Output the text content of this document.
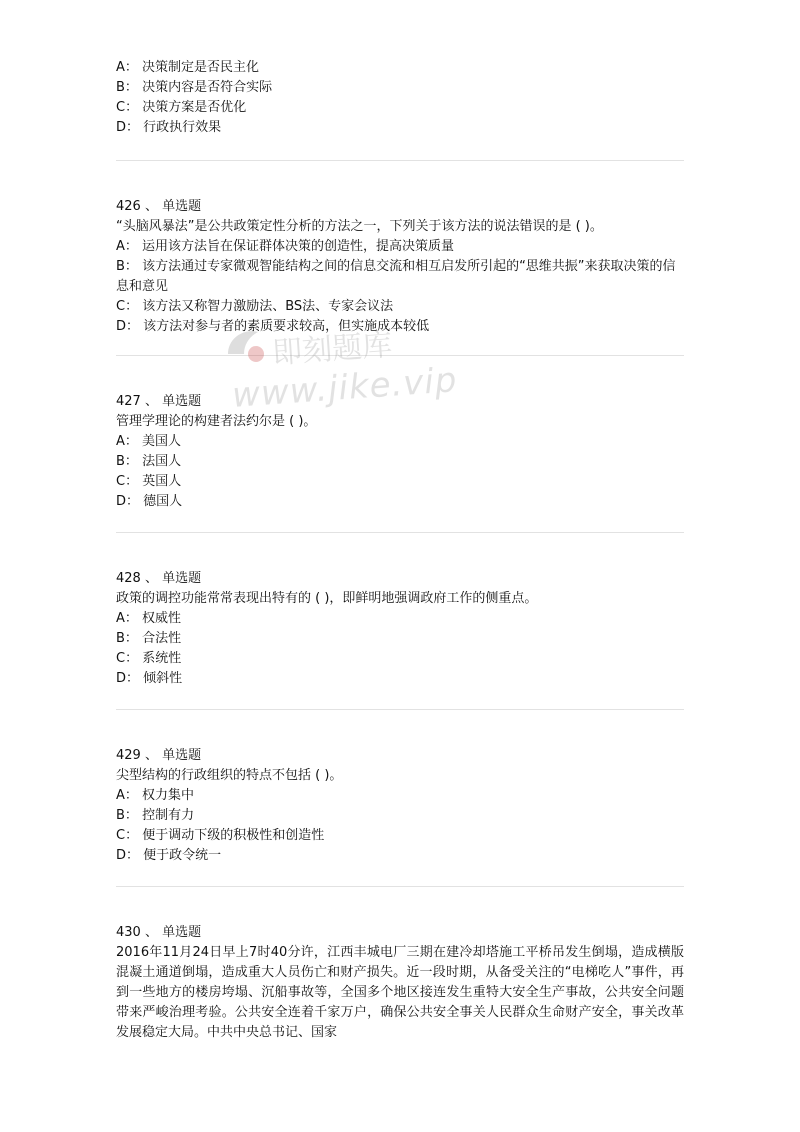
A： 决策制定是否民主化
B： 决策内容是否符合实际
C： 决策方案是否优化
D： 行政执行效果
426 、 单选题
“头脑风暴法”是公共政策定性分析的方法之一，下列关于该方法的说法错误的是 ( )。
A： 运用该方法旨在保证群体决策的创造性，提高决策质量
B： 该方法通过专家微观智能结构之间的信息交流和相互启发所引起的“思维共振”来获取决策的信息和意见
C： 该方法又称智力激励法、BS法、专家会议法
D： 该方法对参与者的素质要求较高，但实施成本较低
427 、 单选题
管理学理论的构建者法约尔是 ( )。
A： 美国人
B： 法国人
C： 英国人
D： 德国人
428 、 单选题
政策的调控功能常常表现出特有的 ( )，即鲜明地强调政府工作的侧重点。
A： 权威性
B： 合法性
C： 系统性
D： 倾斜性
429 、 单选题
尖型结构的行政组织的特点不包括 ( )。
A： 权力集中
B： 控制有力
C： 便于调动下级的积极性和创造性
D： 便于政令统一
430 、 单选题
2016年11月24日早上7时40分许，江西丰城电厂三期在建冷却塔施工平桥吊发生倒塌，造成横版混凝土通道倒塌，造成重大人员伤亡和财产损失。近一段时期，从备受关注的“电梯吃人”事件，再到一些地方的楼房垮塌、沉船事故等，全国多个地区接连发生重特大安全生产事故，公共安全问题带来严峻治理考验。公共安全连着千家万户，确保公共安全事关人民群众生命财产安全，事关改革发展稳定大局。中共中央总书记、国家
即刻题库
www.jike.vip
